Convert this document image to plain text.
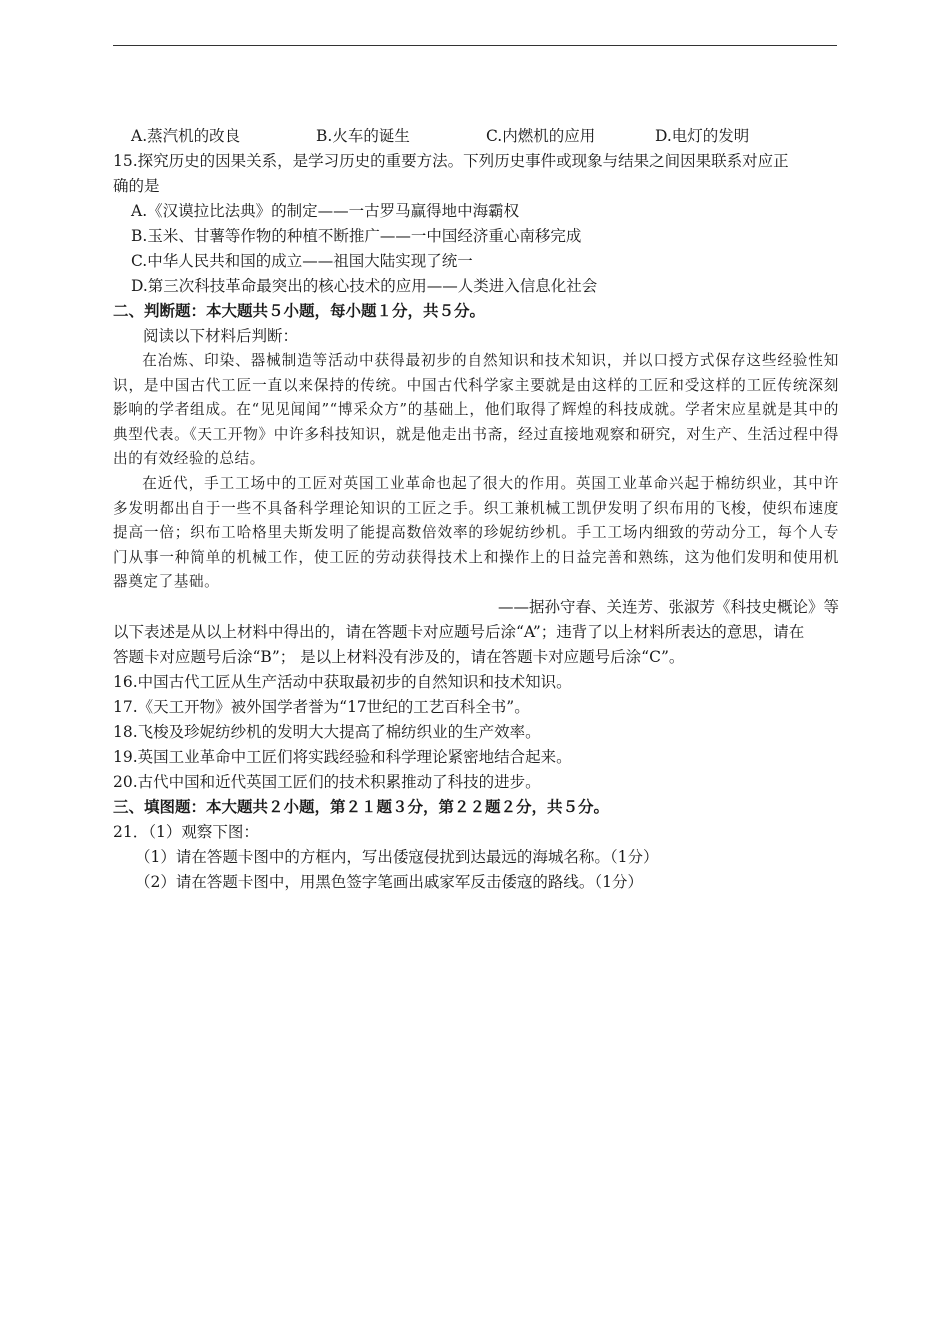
A.蒸汽机的改良	B.火车的诞生	C.内燃机的应用	D.电灯的发明
15.探究历史的因果关系，是学习历史的重要方法。下列历史事件或现象与结果之间因果联系对应正
确的是
A.《汉谟拉比法典》的制定——一古罗马赢得地中海霸权
B.玉米、甘薯等作物的种植不断推广——一中国经济重心南移完成
C.中华人民共和国的成立——祖国大陆实现了统一
D.第三次科技革命最突出的核心技术的应用——人类进入信息化社会
二、判断题：本大题共５小题，每小题１分，共５分。
阅读以下材料后判断：

在冶炼、印染、器械制造等活动中获得最初步的自然知识和技术知识，并以口授方式保存这些经验性知识，是中国古代工匠一直以来保持的传统。中国古代科学家主要就是由这样的工匠和受这样的工匠传统深刻影响的学者组成。在“见见闻闻”“博采众方”的基础上，他们取得了辉煌的科技成就。学者宋应星就是其中的典型代表。《天工开物》中许多科技知识，就是他走出书斋，经过直接地观察和研究，对生产、生活过程中得出的有效经验的总结。

在近代，手工工场中的工匠对英国工业革命也起了很大的作用。英国工业革命兴起于棉纺织业，其中许多发明都出自于一些不具备科学理论知识的工匠之手。织工兼机械工凯伊发明了织布用的飞梭，使织布速度提高一倍；织布工哈格里夫斯发明了能提高数倍效率的珍妮纺纱机。手工工场内细致的劳动分工，每个人专门从事一种简单的机械工作，使工匠的劳动获得技术上和操作上的日益完善和熟练，这为他们发明和使用机器奠定了基础。

——据孙守春、关连芳、张淑芳《科技史概论》等

以下表述是从以上材料中得出的，请在答题卡对应题号后涂“A”；违背了以上材料所表达的意思，请在答题卡对应题号后涂“B”； 是以上材料没有涉及的，请在答题卡对应题号后涂“C”。

16.中国古代工匠从生产活动中获取最初步的自然知识和技术知识。
17.《天工开物》被外国学者誉为“17世纪的工艺百科全书”。
18.飞梭及珍妮纺纱机的发明大大提高了棉纺织业的生产效率。
19.英国工业革命中工匠们将实践经验和科学理论紧密地结合起来。
20.古代中国和近代英国工匠们的技术积累推动了科技的进步。
三、填图题：本大题共２小题，第２１题３分，第２２题２分，共５分。
21．（1）观察下图：
（1）请在答题卡图中的方框内，写出倭寇侵扰到达最远的海城名称。（1分）
（2）请在答题卡图中，用黑色签字笔画出戚家军反击倭寇的路线。（1分）
